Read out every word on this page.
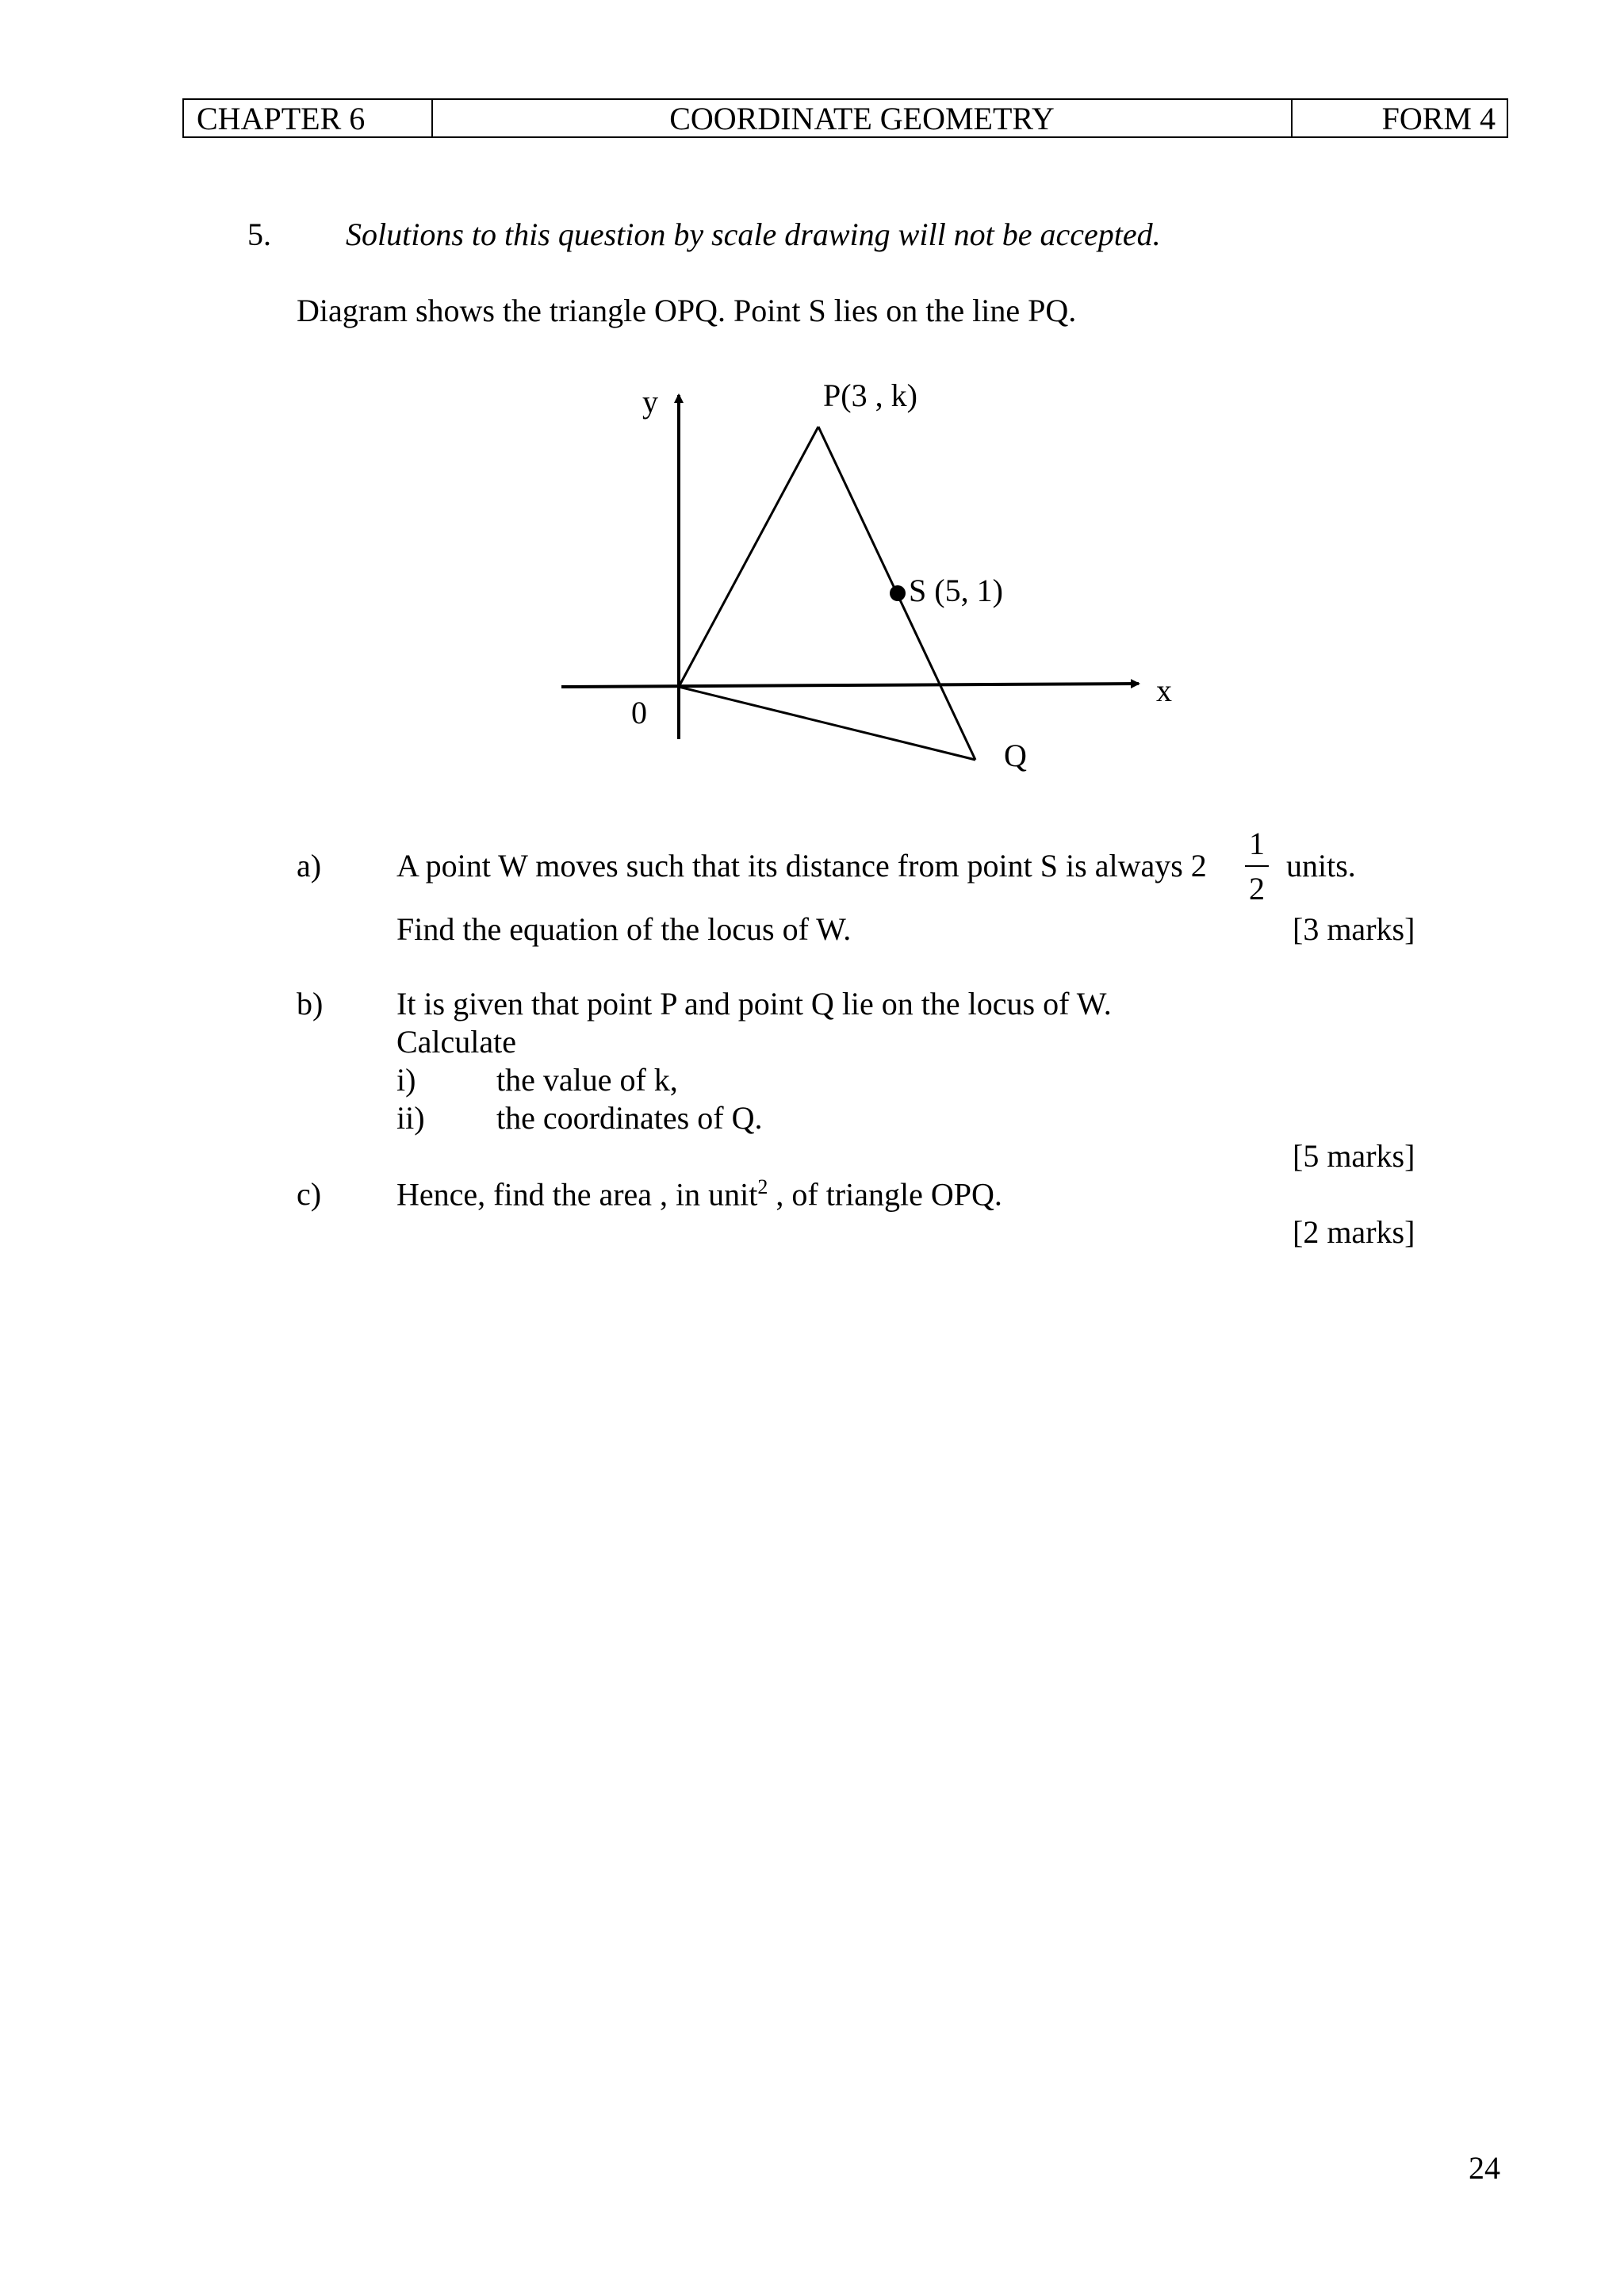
CHAPTER 6	COORDINATE GEOMETRY	FORM 4
5. Solutions to this question by scale drawing will not be accepted.
Diagram shows the triangle OPQ. Point S lies on the line PQ.
y
x
0
P(3 , k)
S (5, 1)
Q
a) A point W moves such that its distance from point S is always 2
1
2
units.
Find the equation of the locus of W.	[3 marks]
b) It is given that point P and point Q lie on the locus of W.
Calculate
i)	the value of k,
ii) the coordinates of Q.
[5 marks]
c) Hence, find the area , in unit$^2$ , of triangle OPQ.
[2 marks]
24
